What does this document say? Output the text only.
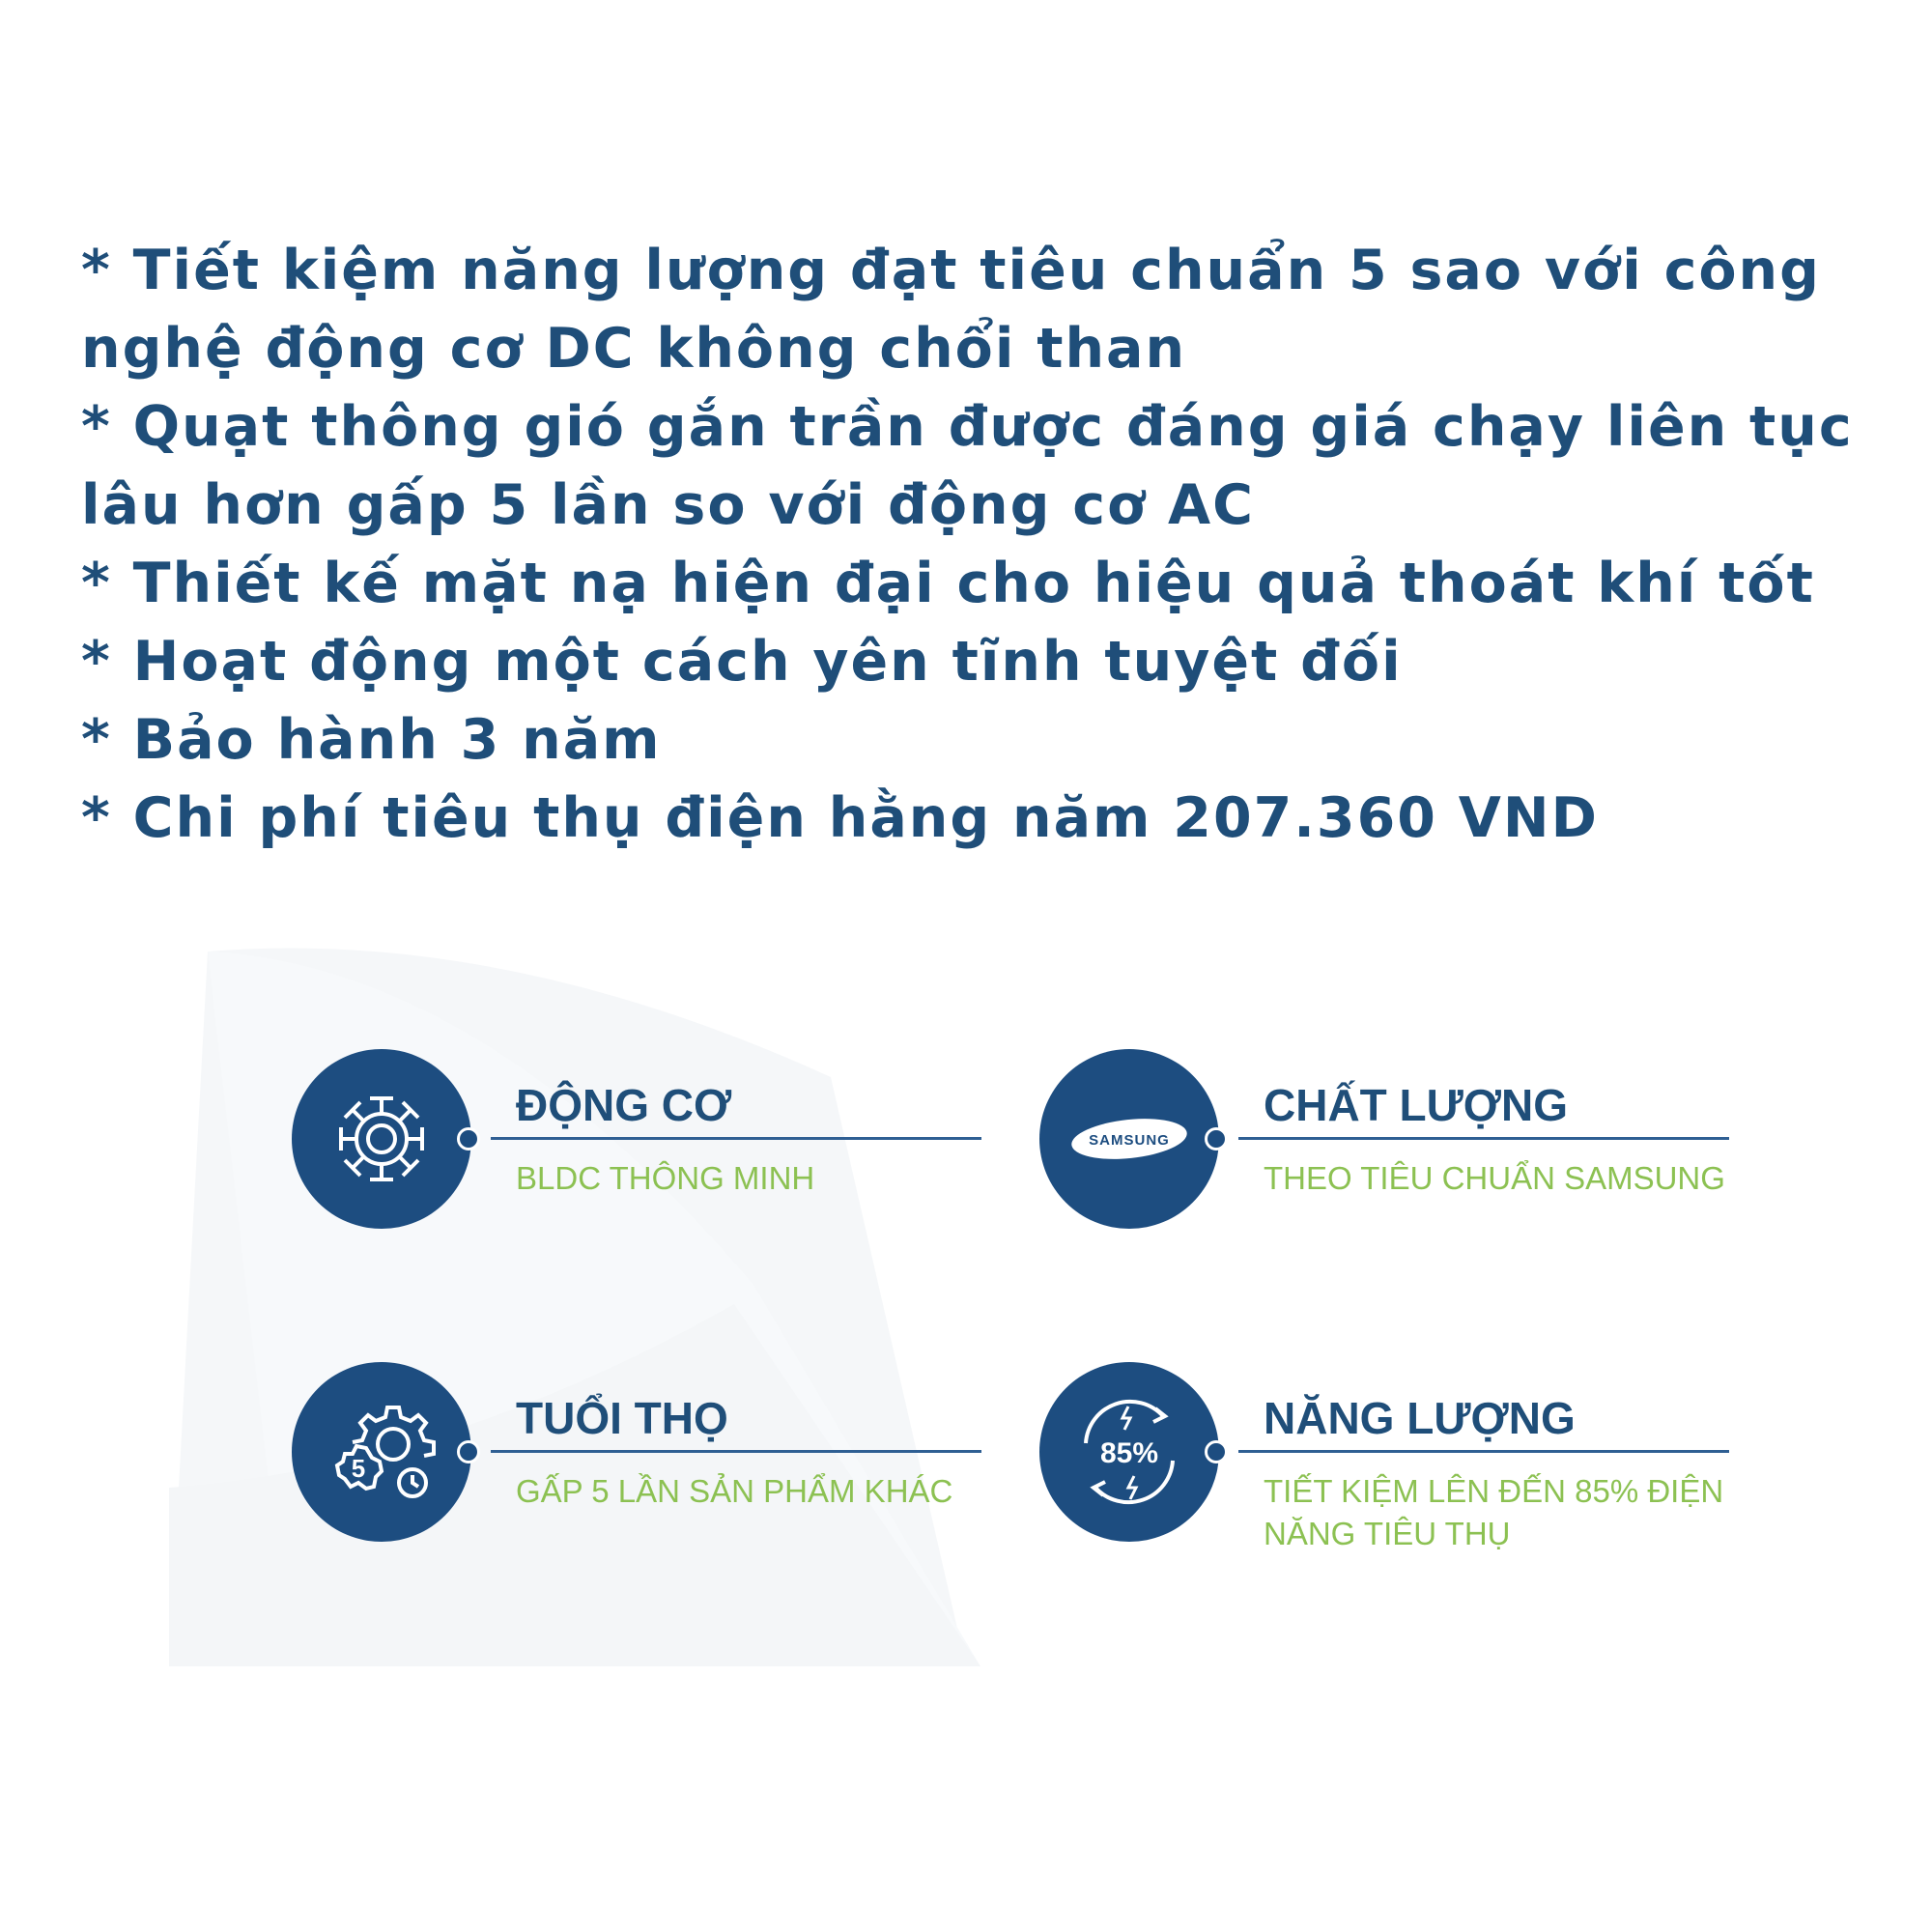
* Tiết kiệm năng lượng đạt tiêu chuẩn 5 sao với công nghệ động cơ DC không chổi than
* Quạt thông gió gắn trần được đáng giá chạy liên tục lâu hơn gấp 5 lần so với động cơ AC
* Thiết kế mặt nạ hiện đại cho hiệu quả thoát khí tốt
* Hoạt động một cách yên tĩnh tuyệt đối
* Bảo hành 3 năm
* Chi phí tiêu thụ điện hằng năm 207.360 VND
ĐỘNG CƠ
BLDC THÔNG MINH
SAMSUNG
CHẤT LƯỢNG
THEO TIÊU CHUẨN SAMSUNG
5
TUỔI THỌ
GẤP 5 LẦN SẢN PHẨM KHÁC
85%
NĂNG LƯỢNG
TIẾT KIỆM LÊN ĐẾN 85% ĐIỆN NĂNG TIÊU THỤ
